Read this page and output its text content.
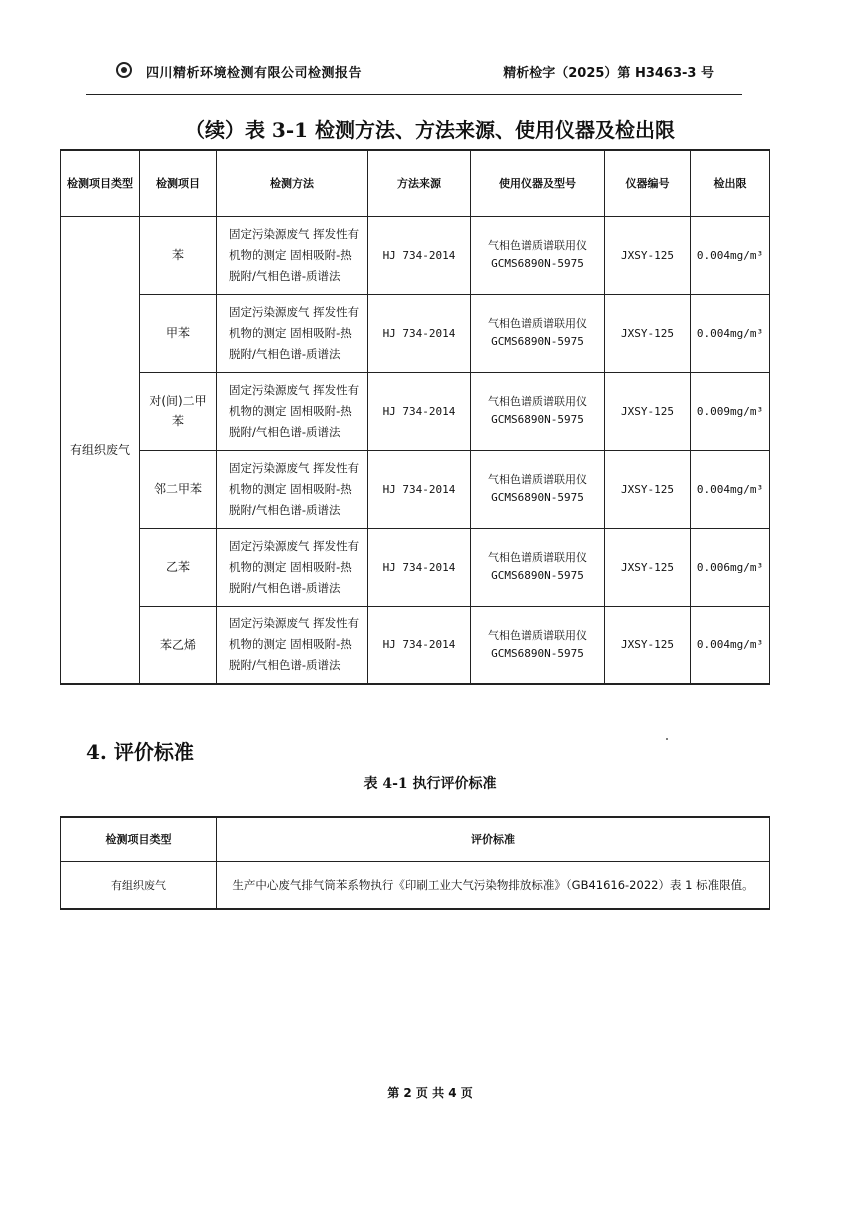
四川精析环境检测有限公司检测报告	精析检字（2025）第 H3463-3 号
（续）表 3-1 检测方法、方法来源、使用仪器及检出限
检测项目类型	检测项目	检测方法	方法来源	使用仪器及型号	仪器编号	检出限
有组织废气	苯	固定污染源废气 挥发性有机物的测定 固相吸附-热脱附/气相色谱-质谱法	HJ 734-2014	气相色谱质谱联用仪
GCMS6890N-5975	JXSY-125	0.004mg/m³
	甲苯	固定污染源废气 挥发性有机物的测定 固相吸附-热脱附/气相色谱-质谱法	HJ 734-2014	气相色谱质谱联用仪
GCMS6890N-5975	JXSY-125	0.004mg/m³
	对(间)二甲苯	固定污染源废气 挥发性有机物的测定 固相吸附-热脱附/气相色谱-质谱法	HJ 734-2014	气相色谱质谱联用仪
GCMS6890N-5975	JXSY-125	0.009mg/m³
	邻二甲苯	固定污染源废气 挥发性有机物的测定 固相吸附-热脱附/气相色谱-质谱法	HJ 734-2014	气相色谱质谱联用仪
GCMS6890N-5975	JXSY-125	0.004mg/m³
	乙苯	固定污染源废气 挥发性有机物的测定 固相吸附-热脱附/气相色谱-质谱法	HJ 734-2014	气相色谱质谱联用仪
GCMS6890N-5975	JXSY-125	0.006mg/m³
	苯乙烯	固定污染源废气 挥发性有机物的测定 固相吸附-热脱附/气相色谱-质谱法	HJ 734-2014	气相色谱质谱联用仪
GCMS6890N-5975	JXSY-125	0.004mg/m³
4. 评价标准
表 4-1 执行评价标准
检测项目类型	评价标准
有组织废气	生产中心废气排气筒苯系物执行《印刷工业大气污染物排放标准》（GB41616-2022）表 1 标准限值。
第 2 页 共 4 页
